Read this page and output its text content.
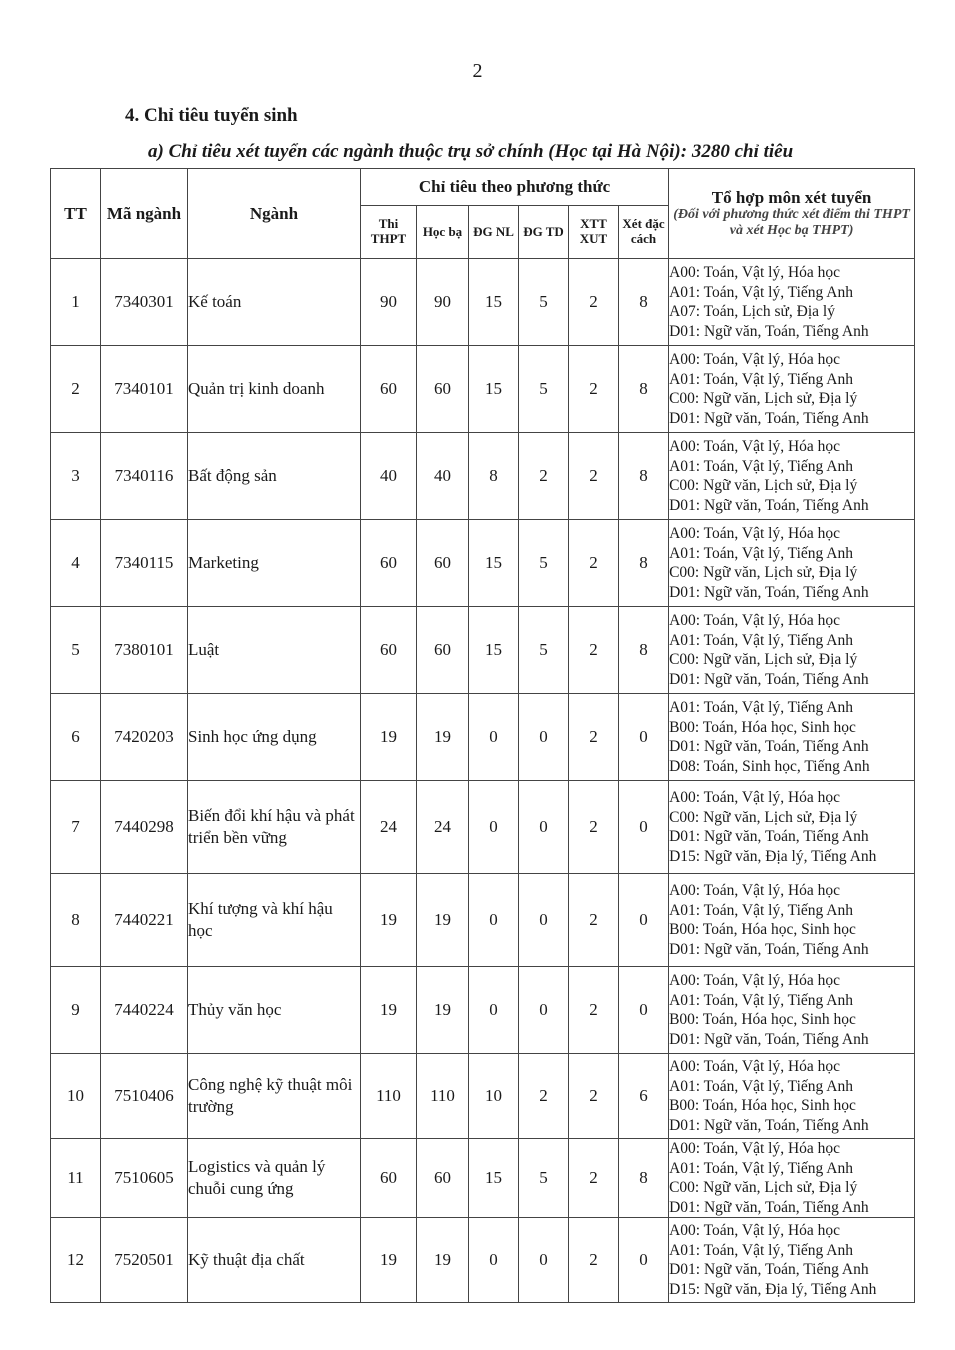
2
4. Chỉ tiêu tuyển sinh
a) Chỉ tiêu xét tuyển các ngành thuộc trụ sở chính (Học tại Hà Nội): 3280 chỉ tiêu
TT	Mã ngành	Ngành	Chỉ tiêu theo phương thức						Tổ hợp môn xét tuyển
(Đối với phương thức xét điểm thi THPT và xét Học bạ THPT)

			Thi THPT	Học bạ	ĐG NL	ĐG TD	XTT XUT	Xét đặc cách	
1	7340301	Kế toán	90	90	15	5	2	8	A00: Toán, Vật lý, Hóa học
A01: Toán, Vật lý, Tiếng Anh
A07: Toán, Lịch sử, Địa lý
D01: Ngữ văn, Toán, Tiếng Anh

2	7340101	Quản trị kinh doanh	60	60	15	5	2	8	A00: Toán, Vật lý, Hóa học
A01: Toán, Vật lý, Tiếng Anh
C00: Ngữ văn, Lịch sử, Địa lý
D01: Ngữ văn, Toán, Tiếng Anh

3	7340116	Bất động sản	40	40	8	2	2	8	A00: Toán, Vật lý, Hóa học
A01: Toán, Vật lý, Tiếng Anh
C00: Ngữ văn, Lịch sử, Địa lý
D01: Ngữ văn, Toán, Tiếng Anh

4	7340115	Marketing	60	60	15	5	2	8	A00: Toán, Vật lý, Hóa học
A01: Toán, Vật lý, Tiếng Anh
C00: Ngữ văn, Lịch sử, Địa lý
D01: Ngữ văn, Toán, Tiếng Anh

5	7380101	Luật	60	60	15	5	2	8	A00: Toán, Vật lý, Hóa học
A01: Toán, Vật lý, Tiếng Anh
C00: Ngữ văn, Lịch sử, Địa lý
D01: Ngữ văn, Toán, Tiếng Anh

6	7420203	Sinh học ứng dụng	19	19	0	0	2	0	A01: Toán, Vật lý, Tiếng Anh
B00: Toán, Hóa học, Sinh học
D01: Ngữ văn, Toán, Tiếng Anh
D08: Toán, Sinh học, Tiếng Anh

7	7440298	Biến đổi khí hậu và phát triển bền vững	24	24	0	0	2	0	A00: Toán, Vật lý, Hóa học
C00: Ngữ văn, Lịch sử, Địa lý
D01: Ngữ văn, Toán, Tiếng Anh
D15: Ngữ văn, Địa lý, Tiếng Anh

8	7440221	Khí tượng và khí hậu học	19	19	0	0	2	0	A00: Toán, Vật lý, Hóa học
A01: Toán, Vật lý, Tiếng Anh
B00: Toán, Hóa học, Sinh học
D01: Ngữ văn, Toán, Tiếng Anh

9	7440224	Thủy văn học	19	19	0	0	2	0	A00: Toán, Vật lý, Hóa học
A01: Toán, Vật lý, Tiếng Anh
B00: Toán, Hóa học, Sinh học
D01: Ngữ văn, Toán, Tiếng Anh

10	7510406	Công nghệ kỹ thuật môi trường	110	110	10	2	2	6	A00: Toán, Vật lý, Hóa học
A01: Toán, Vật lý, Tiếng Anh
B00: Toán, Hóa học, Sinh học
D01: Ngữ văn, Toán, Tiếng Anh

11	7510605	Logistics và quản lý chuỗi cung ứng	60	60	15	5	2	8	A00: Toán, Vật lý, Hóa học
A01: Toán, Vật lý, Tiếng Anh
C00: Ngữ văn, Lịch sử, Địa lý
D01: Ngữ văn, Toán, Tiếng Anh

12	7520501	Kỹ thuật địa chất	19	19	0	0	2	0	A00: Toán, Vật lý, Hóa học
A01: Toán, Vật lý, Tiếng Anh
D01: Ngữ văn, Toán, Tiếng Anh
D15: Ngữ văn, Địa lý, Tiếng Anh
